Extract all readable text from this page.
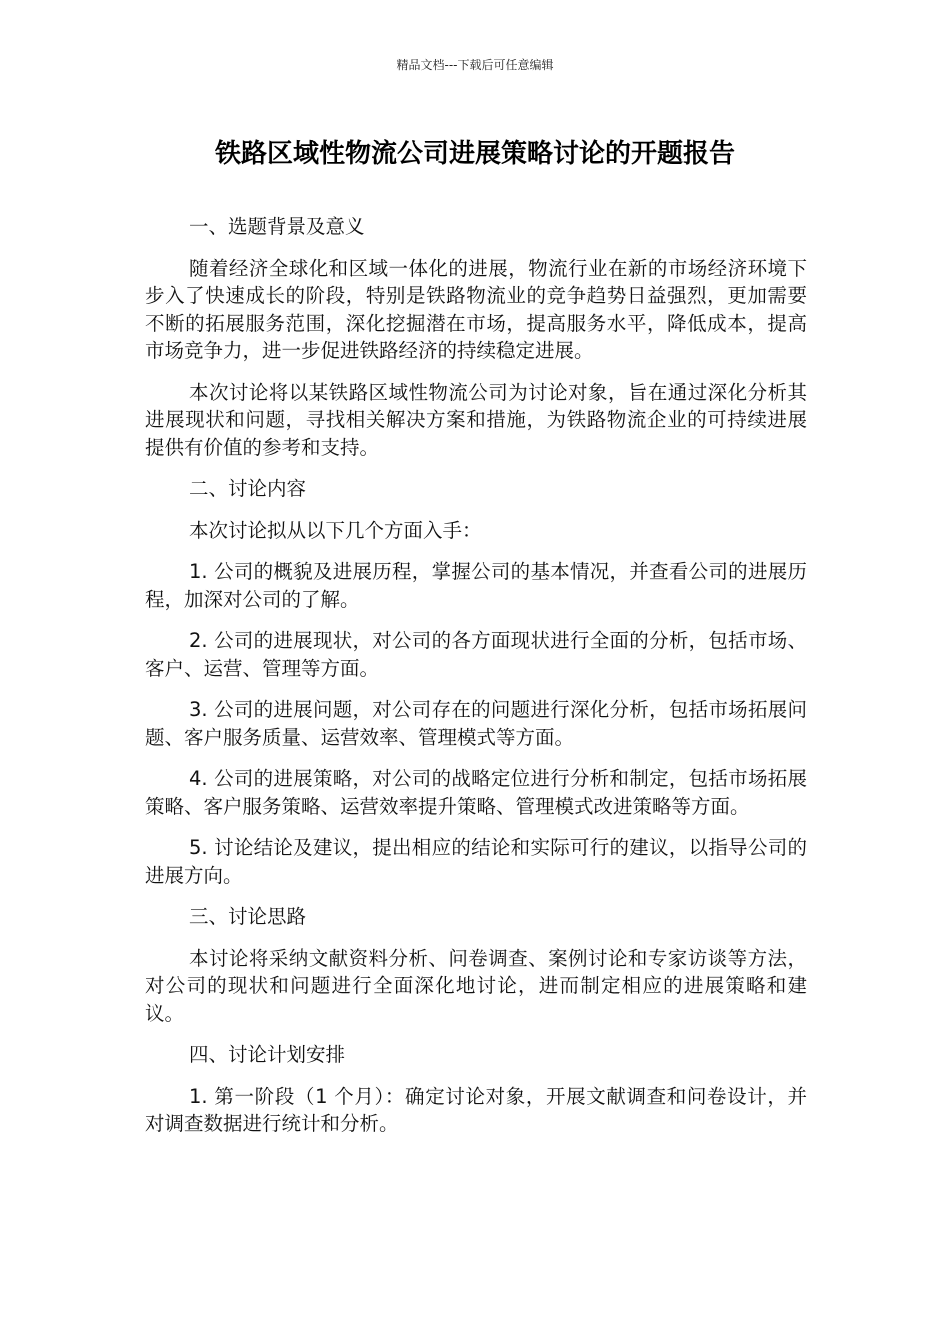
精品文档---下载后可任意编辑
铁路区域性物流公司进展策略讨论的开题报告

一、选题背景及意义

随着经济全球化和区域一体化的进展，物流行业在新的市场经济环境下步入了快速成长的阶段，特别是铁路物流业的竞争趋势日益强烈，更加需要不断的拓展服务范围，深化挖掘潜在市场，提高服务水平，降低成本，提高市场竞争力，进一步促进铁路经济的持续稳定进展。

本次讨论将以某铁路区域性物流公司为讨论对象，旨在通过深化分析其进展现状和问题，寻找相关解决方案和措施，为铁路物流企业的可持续进展提供有价值的参考和支持。

二、讨论内容

本次讨论拟从以下几个方面入手：

1. 公司的概貌及进展历程，掌握公司的基本情况，并查看公司的进展历程，加深对公司的了解。

2. 公司的进展现状，对公司的各方面现状进行全面的分析，包括市场、客户、运营、管理等方面。

3. 公司的进展问题，对公司存在的问题进行深化分析，包括市场拓展问题、客户服务质量、运营效率、管理模式等方面。

4. 公司的进展策略，对公司的战略定位进行分析和制定，包括市场拓展策略、客户服务策略、运营效率提升策略、管理模式改进策略等方面。

5. 讨论结论及建议，提出相应的结论和实际可行的建议，以指导公司的进展方向。

三、讨论思路

本讨论将采纳文献资料分析、问卷调查、案例讨论和专家访谈等方法，对公司的现状和问题进行全面深化地讨论，进而制定相应的进展策略和建议。

四、讨论计划安排

1. 第一阶段（1 个月）：确定讨论对象，开展文献调查和问卷设计，并对调查数据进行统计和分析。
